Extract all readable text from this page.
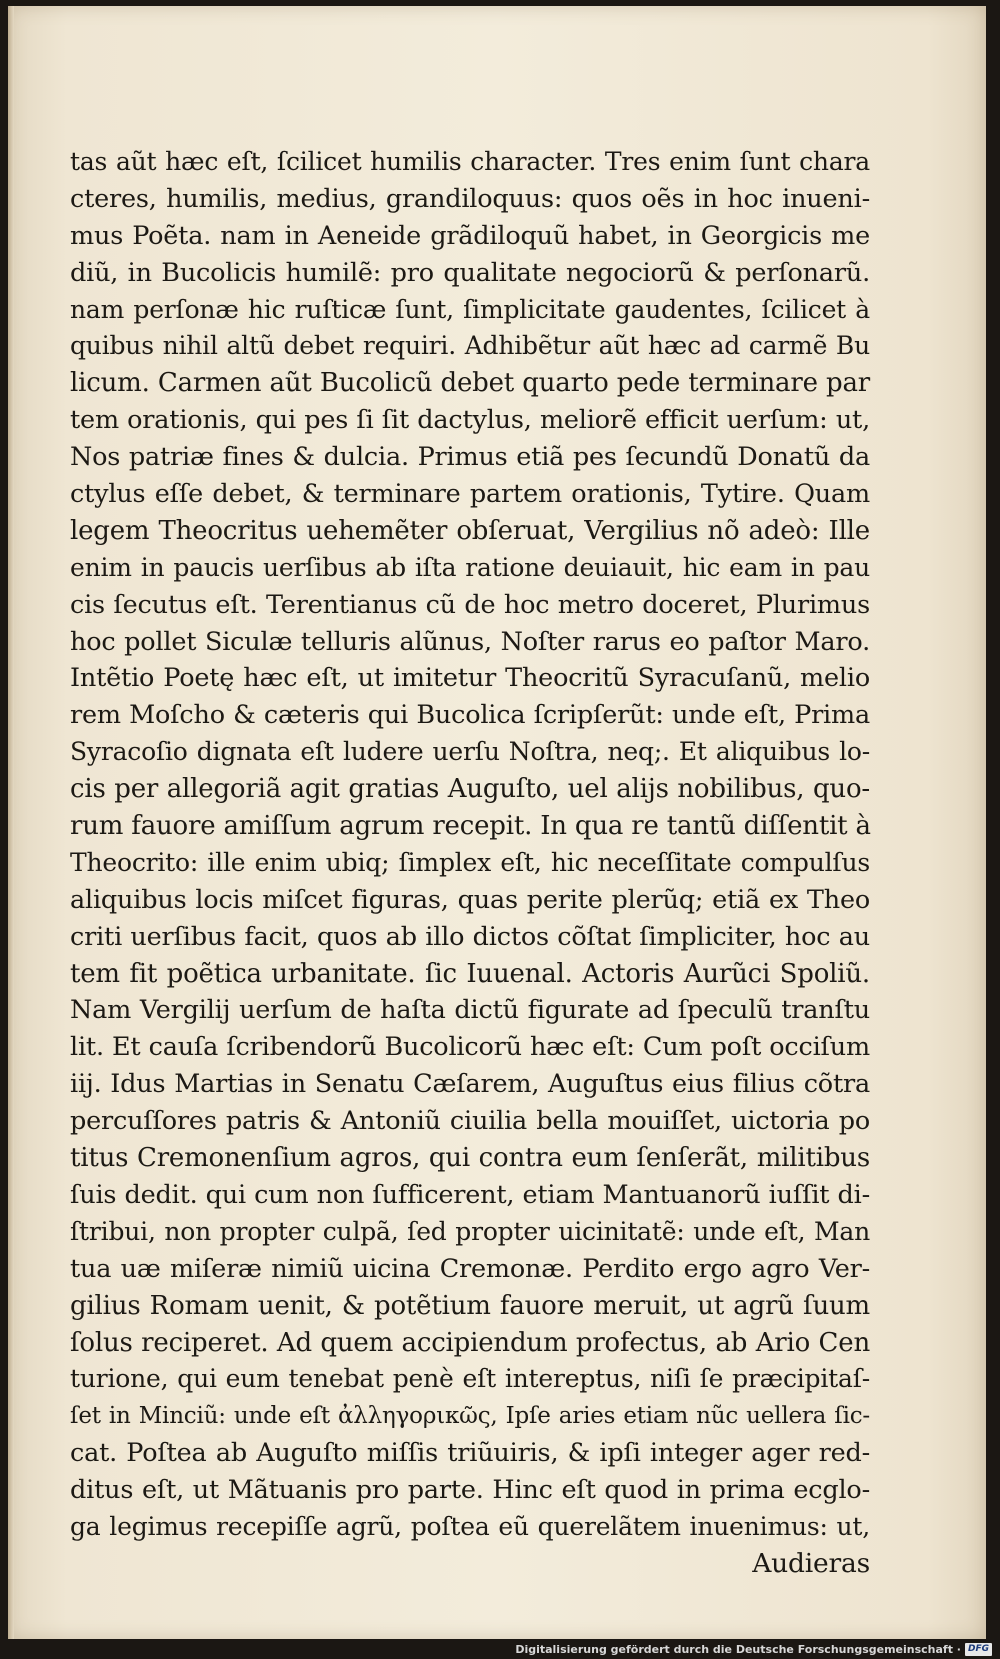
tas aũt hæc eſt, ſcilicet humilis character. Tres enim ſunt chara
cteres, humilis, medius, grandiloquus: quos oẽs in hoc inueni-
mus Poẽta. nam in Aeneide grãdiloquũ habet, in Georgicis me
diũ, in Bucolicis humilẽ: pro qualitate negociorũ & perſonarũ.
nam perſonæ hic ruſticæ ſunt, ſimplicitate gaudentes, ſcilicet à
quibus nihil altũ debet requiri. Adhibẽtur aũt hæc ad carmẽ Bu
licum. Carmen aũt Bucolicũ debet quarto pede terminare par
tem orationis, qui pes ſi ſit dactylus, meliorẽ efficit uerſum: ut,
Nos patriæ fines & dulcia. Primus etiã pes ſecundũ Donatũ da
ctylus eſſe debet, & terminare partem orationis, Tytire. Quam
legem Theocritus uehemẽter obſeruat, Vergilius nõ adeò: Ille
enim in paucis uerſibus ab iſta ratione deuiauit, hic eam in pau
cis ſecutus eſt. Terentianus cũ de hoc metro doceret, Plurimus
hoc pollet Siculæ telluris alũnus, Noſter rarus eo paſtor Maro.
Intẽtio Poetę hæc eſt, ut imitetur Theocritũ Syracuſanũ, melio
rem Moſcho & cæteris qui Bucolica ſcripſerũt: unde eſt, Prima
Syracoſio dignata eſt ludere uerſu Noſtra, neq;. Et aliquibus lo-
cis per allegoriã agit gratias Auguſto, uel alijs nobilibus, quo-
rum fauore amiſſum agrum recepit. In qua re tantũ diſſentit à
Theocrito: ille enim ubiq; ſimplex eſt, hic neceſſitate compulſus
aliquibus locis miſcet figuras, quas perite plerũq; etiã ex Theo
criti uerſibus facit, quos ab illo dictos cõſtat ſimpliciter, hoc au
tem fit poẽtica urbanitate. ſic Iuuenal. Actoris Aurũci Spoliũ.
Nam Vergilij uerſum de haſta dictũ figurate ad ſpeculũ tranſtu
lit. Et cauſa ſcribendorũ Bucolicorũ hæc eſt: Cum poſt occiſum
iij. Idus Martias in Senatu Cæſarem, Auguſtus eius filius cõtra
percuſſores patris & Antoniũ ciuilia bella mouiſſet, uictoria po
titus Cremonenſium agros, qui contra eum ſenſerãt, militibus
ſuis dedit. qui cum non ſufficerent, etiam Mantuanorũ iuſſit di-
ſtribui, non propter culpã, ſed propter uicinitatẽ: unde eſt, Man
tua uæ miſeræ nimiũ uicina Cremonæ. Perdito ergo agro Ver-
gilius Romam uenit, & potẽtium fauore meruit, ut agrũ ſuum
ſolus reciperet. Ad quem accipiendum profectus, ab Ario Cen
turione, qui eum tenebat penè eſt intereptus, niſi ſe præcipitaſ-
ſet in Minciũ: unde eſt ἀλληγορικῶς, Ipſe aries etiam nũc uellera ſic-
cat. Poſtea ab Auguſto miſſis triũuiris, & ipſi integer ager red-
ditus eſt, ut Mãtuanis pro parte. Hinc eſt quod in prima ecglo-
ga legimus recepiſſe agrũ, poſtea eũ querelãtem inuenimus: ut,
Audieras
Digitalisierung gefördert durch die Deutsche Forschungsgemeinschaft · DFG
